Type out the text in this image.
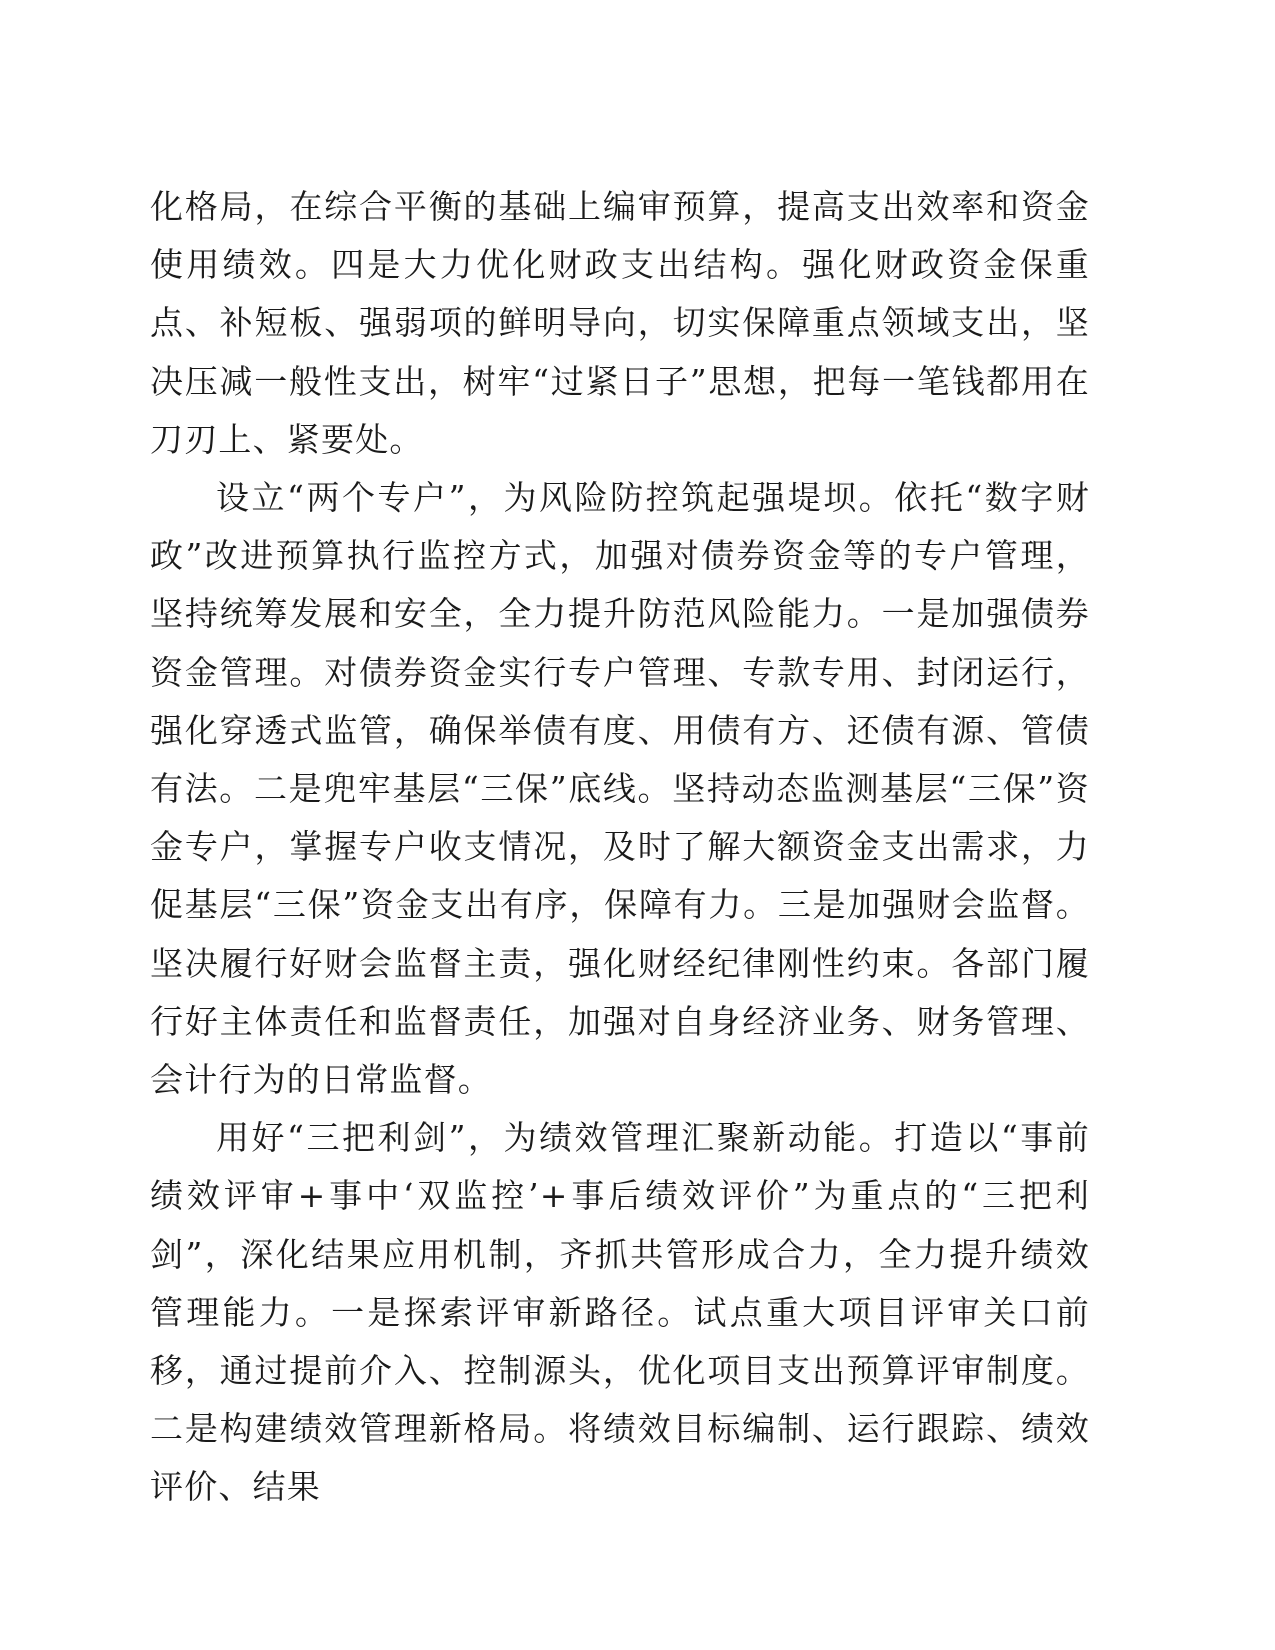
化格局，在综合平衡的基础上编审预算，提高支出效率和资金使用绩效。四是大力优化财政支出结构。强化财政资金保重点、补短板、强弱项的鲜明导向，切实保障重点领域支出，坚决压减一般性支出，树牢“过紧日子”思想，把每一笔钱都用在刀刃上、紧要处。

设立“两个专户”，为风险防控筑起强堤坝。依托“数字财政”改进预算执行监控方式，加强对债券资金等的专户管理，坚持统筹发展和安全，全力提升防范风险能力。一是加强债券资金管理。对债券资金实行专户管理、专款专用、封闭运行，强化穿透式监管，确保举债有度、用债有方、还债有源、管债有法。二是兜牢基层“三保”底线。坚持动态监测基层“三保”资金专户，掌握专户收支情况，及时了解大额资金支出需求，力促基层“三保”资金支出有序，保障有力。三是加强财会监督。坚决履行好财会监督主责，强化财经纪律刚性约束。各部门履行好主体责任和监督责任，加强对自身经济业务、财务管理、会计行为的日常监督。

用好“三把利剑”，为绩效管理汇聚新动能。打造以“事前绩效评审+事中‘双监控’+事后绩效评价”为重点的“三把利剑”，深化结果应用机制，齐抓共管形成合力，全力提升绩效管理能力。一是探索评审新路径。试点重大项目评审关口前移，通过提前介入、控制源头，优化项目支出预算评审制度。二是构建绩效管理新格局。将绩效目标编制、运行跟踪、绩效评价、结果
